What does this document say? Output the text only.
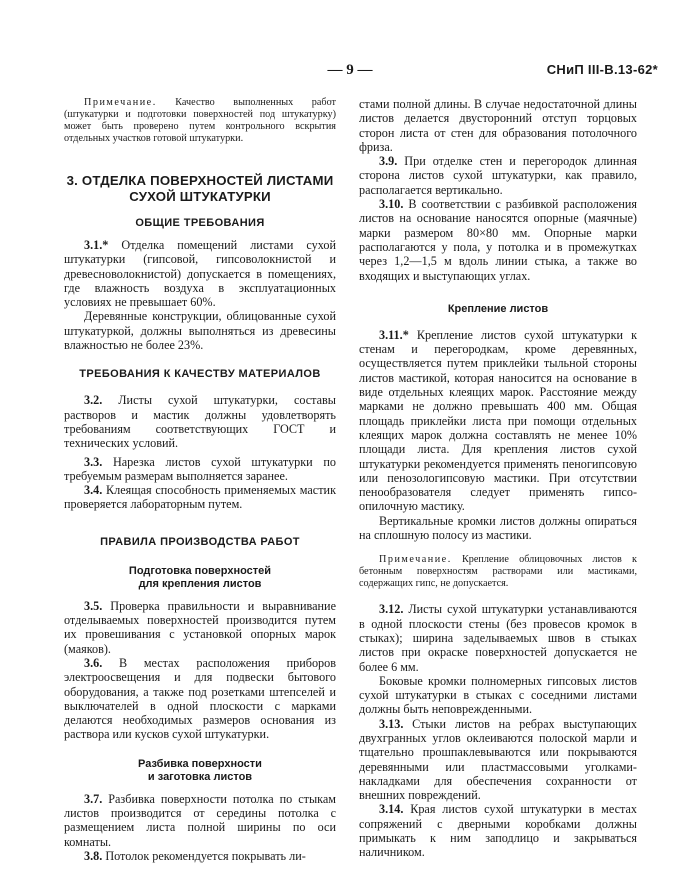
— 9 —	СНиП III-В.13-62*

Примечание. Качество выполненных работ (штукатурки и подготовки поверхностей под штукатурку) может быть проверено путем контрольного вскрытия отдельных участков готовой штукатурки.

3. ОТДЕЛКА ПОВЕРХНОСТЕЙ ЛИСТАМИ СУХОЙ ШТУКАТУРКИ
ОБЩИЕ ТРЕБОВАНИЯ

3.1.* Отделка помещений листами сухой штукатурки (гипсовой, гипсоволокнистой и древесноволокнистой) допускается в помещениях, где влажность воздуха в эксплуатационных условиях не превышает 60%.

Деревянные конструкции, облицованные сухой штукатуркой, должны выполняться из древесины влажностью не более 23%.

ТРЕБОВАНИЯ К КАЧЕСТВУ МАТЕРИАЛОВ

3.2. Листы сухой штукатурки, составы растворов и мастик должны удовлетворять требованиям соответствующих ГОСТ и технических условий.

3.3. Нарезка листов сухой штукатурки по требуемым размерам выполняется заранее.

3.4. Клеящая способность применяемых мастик проверяется лабораторным путем.

ПРАВИЛА ПРОИЗВОДСТВА РАБОТ
Подготовка поверхностей
для крепления листов

3.5. Проверка правильности и выравнивание отделываемых поверхностей производится путем их провешивания с установкой опорных марок (маяков).

3.6. В местах расположения приборов электроосвещения и для подвески бытового оборудования, а также под розетками штепселей и выключателей в одной плоскости с марками делаются необходимых размеров основания из раствора или кусков сухой штукатурки.

Разбивка поверхности
и заготовка листов

3.7. Разбивка поверхности потолка по стыкам листов производится от середины потолка с размещением листа полной ширины по оси комнаты.

3.8. Потолок рекомендуется покрывать ли-

стами полной длины. В случае недостаточной длины листов делается двусторонний отступ торцовых сторон листа от стен для образования потолочного фриза.

3.9. При отделке стен и перегородок длинная сторона листов сухой штукатурки, как правило, располагается вертикально.

3.10. В соответствии с разбивкой расположения листов на основание наносятся опорные (маячные) марки размером 80×80 мм. Опорные марки располагаются у пола, у потолка и в промежутках через 1,2—1,5 м вдоль линии стыка, а также во входящих и выступающих углах.

Крепление листов

3.11.* Крепление листов сухой штукатурки к стенам и перегородкам, кроме деревянных, осуществляется путем приклейки тыльной стороны листов мастикой, которая наносится на основание в виде отдельных клеящих марок. Расстояние между марками не должно превышать 400 мм. Общая площадь приклейки листа при помощи отдельных клеящих марок должна составлять не менее 10% площади листа. Для крепления листов сухой штукатурки рекомендуется применять пеногипсовую или пенозологипсовую мастики. При отсутствии пенообразователя следует применять гипсо-опилочную мастику.

Вертикальные кромки листов должны опираться на сплошную полосу из мастики.

Примечание. Крепление облицовочных листов к бетонным поверхностям растворами или мастиками, содержащих гипс, не допускается.

3.12. Листы сухой штукатурки устанавливаются в одной плоскости стены (без провесов кромок в стыках); ширина заделываемых швов в стыках листов при окраске поверхностей допускается не более 6 мм.

Боковые кромки полномерных гипсовых листов сухой штукатурки в стыках с соседними листами должны быть неповрежденными.

3.13. Стыки листов на ребрах выступающих двухгранных углов оклеиваются полоской марли и тщательно прошпаклевываются или покрываются деревянными или пластмассовыми уголками-накладками для обеспечения сохранности от внешних повреждений.

3.14. Края листов сухой штукатурки в местах сопряжений с дверными коробками должны примыкать к ним заподлицо и закрываться наличником.
